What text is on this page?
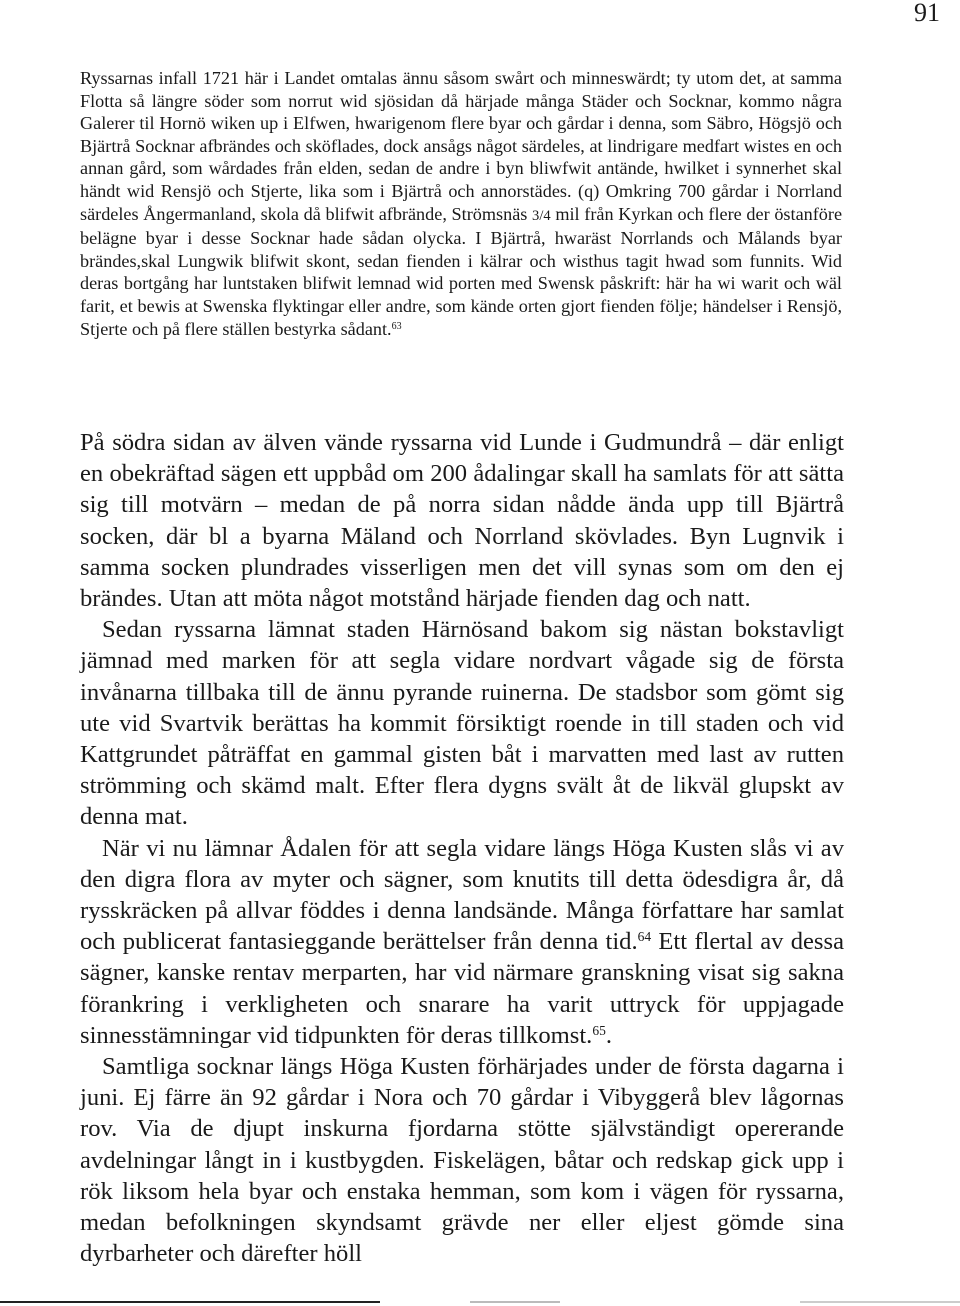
91
Ryssarnas infall 1721 här i Landet omtalas ännu såsom swårt och minneswärdt; ty utom det, at samma Flotta så längre söder som norrut wid sjösidan då härjade många Städer och Socknar, kommo några Galerer til Hornö wiken up i Elfwen, hwarigenom flere byar och gårdar i denna, som Säbro, Högsjö och Bjärtrå Socknar afbrändes och sköflades, dock ansågs något särdeles, at lindrigare medfart wistes en och annan gård, som wårdades från elden, sedan de andre i byn bliwfwit antände, hwilket i synnerhet skal händt wid Rensjö och Stjerte, lika som i Bjärtrå och annorstädes. (q) Omkring 700 gårdar i Norrland särdeles Ångermanland, skola då blifwit afbrände, Strömsnäs 3/4 mil från Kyrkan och flere der östanföre belägne byar i desse Socknar hade sådan olycka. I Bjärtrå, hwaräst Norrlands och Målands byar brändes,skal Lungwik blifwit skont, sedan fienden i kälrar och wisthus tagit hwad som funnits. Wid deras bortgång har luntstaken blifwit lemnad wid porten med Swensk påskrift: här ha wi warit och wäl farit, et bewis at Swenska flyktingar eller andre, som kände orten gjort fienden följe; händelser i Rensjö, Stjerte och på flere ställen bestyrka sådant.$^{63}$

På södra sidan av älven vände ryssarna vid Lunde i Gudmundrå – där enligt en obekräftad sägen ett uppbåd om 200 ådalingar skall ha samlats för att sätta sig till motvärn – medan de på norra sidan nådde ända upp till Bjärtrå socken, där bl a byarna Mäland och Norrland skövlades. Byn Lugnvik i samma socken plundrades visserligen men det vill synas som om den ej brändes. Utan att möta något motstånd härjade fienden dag och natt.

Sedan ryssarna lämnat staden Härnösand bakom sig nästan bokstavligt jämnad med marken för att segla vidare nordvart vågade sig de första invånarna tillbaka till de ännu pyrande ruinerna. De stadsbor som gömt sig ute vid Svartvik berättas ha kommit försiktigt roende in till staden och vid Kattgrundet påträffat en gammal gisten båt i marvatten med last av rutten strömming och skämd malt. Efter flera dygns svält åt de likväl glupskt av denna mat.

När vi nu lämnar Ådalen för att segla vidare längs Höga Kusten slås vi av den digra flora av myter och sägner, som knutits till detta ödesdigra år, då rysskräcken på allvar föddes i denna landsände. Många författare har samlat och publicerat fantasieggande berättelser från denna tid.$^{64}$ Ett flertal av dessa sägner, kanske rentav merparten, har vid närmare granskning visat sig sakna förankring i verkligheten och snarare ha varit uttryck för uppjagade sinnesstämningar vid tidpunkten för deras tillkomst.$^{65}$.

Samtliga socknar längs Höga Kusten förhärjades under de första dagarna i juni. Ej färre än 92 gårdar i Nora och 70 gårdar i Vibyggerå blev lågornas rov. Via de djupt inskurna fjordarna stötte självständigt opererande avdelningar långt in i kustbygden. Fiskelägen, båtar och redskap gick upp i rök liksom hela byar och enstaka hemman, som kom i vägen för ryssarna, medan befolkningen skyndsamt grävde ner eller eljest gömde sina dyrbarheter och därefter höll
